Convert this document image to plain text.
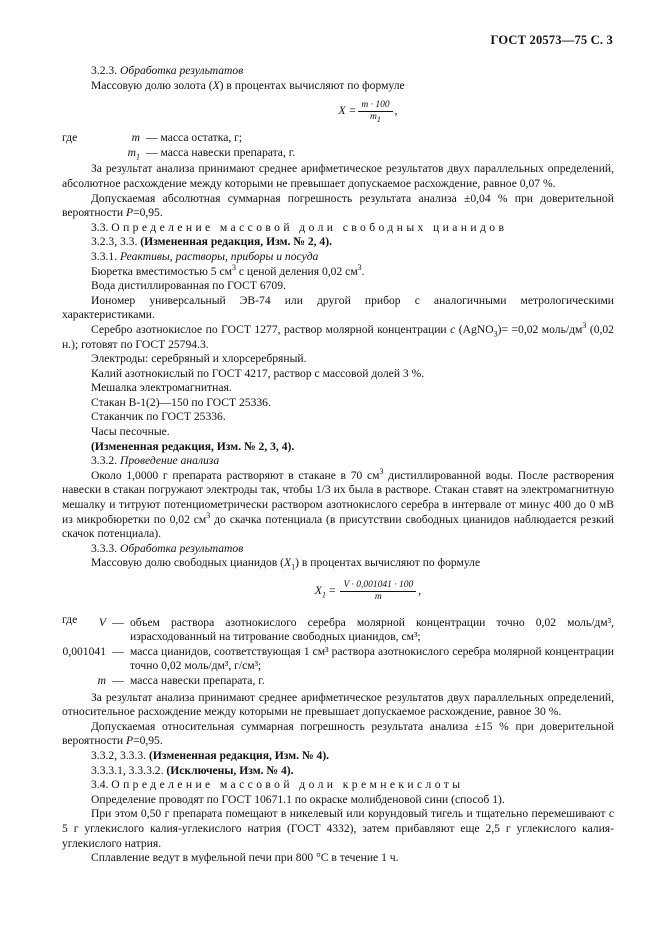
ГОСТ 20573—75 С. 3

3.2.3. Обработка результатов

Массовую долю золота (X) в процентах вычисляют по формуле

$X = \frac{m \cdot 100}{m_1}$ ,
где	m — масса остатка, г;
$m_1$ — масса навески препарата, г.

За результат анализа принимают среднее арифметическое результатов двух параллельных определений, абсолютное расхождение между которыми не превышает допускаемое расхождение, равное 0,07 %.

Допускаемая абсолютная суммарная погрешность результата анализа ±0,04 % при доверительной вероятности P=0,95.

3.3. Определение массовой доли свободных цианидов

3.2.3, 3.3. (Измененная редакция, Изм. № 2, 4).

3.3.1. Реактивы, растворы, приборы и посуда

Бюретка вместимостью 5 $см^3$ с ценой деления 0,02 $см^3$.

Вода дистиллированная по ГОСТ 6709.

Иономер универсальный ЭВ-74 или другой прибор с аналогичными метрологическими характеристиками.

Серебро азотнокислое по ГОСТ 1277, раствор молярной концентрации c (AgNO$_3$)= =0,02 моль/$дм^3$ (0,02 н.); готовят по ГОСТ 25794.3.

Электроды: серебряный и хлорсеребряный.

Калий азотнокислый по ГОСТ 4217, раствор с массовой долей 3 %.

Мешалка электромагнитная.

Стакан В-1(2)—150 по ГОСТ 25336.

Стаканчик по ГОСТ 25336.

Часы песочные.

(Измененная редакция, Изм. № 2, 3, 4).

3.3.2. Проведение анализа

Около 1,0000 г препарата растворяют в стакане в 70 $см^3$ дистиллированной воды. После растворения навески в стакан погружают электроды так, чтобы 1/3 их была в растворе. Стакан ставят на электромагнитную мешалку и титруют потенциометрически раствором азотнокислого серебра в интервале от минус 400 до 0 мВ из микробюретки по 0,02 $см^3$ до скачка потенциала (в присутствии свободных цианидов наблюдается резкий скачок потенциала).

3.3.3. Обработка результатов

Массовую долю свободных цианидов $(X_1)$ в процентах вычисляют по формуле

$X_1 = \frac{V \cdot 0,001041 \cdot 100}{m}$ ,
где	V — объем раствора азотнокислого серебра молярной концентрации точно 0,02 моль/дм³, израсходованный на титрование свободных цианидов, см³;
0,001041 — масса цианидов, соответствующая 1 см³ раствора азотнокислого серебра молярной концентрации точно 0,02 моль/дм³, г/см³;
m — масса навески препарата, г.

За результат анализа принимают среднее арифметическое результатов двух параллельных определений, относительное расхождение между которыми не превышает допускаемое расхождение, равное 30 %.

Допускаемая относительная суммарная погрешность результата анализа ±15 % при доверительной вероятности P=0,95.

3.3.2, 3.3.3. (Измененная редакция, Изм. № 4).

3.3.3.1, 3.3.3.2. (Исключены, Изм. № 4).

3.4. Определение массовой доли кремнекислоты

Определение проводят по ГОСТ 10671.1 по окраске молибденовой сини (способ 1).

При этом 0,50 г препарата помещают в никелевый или корундовый тигель и тщательно перемешивают с 5 г углекислого калия-углекислого натрия (ГОСТ 4332), затем прибавляют еще 2,5 г углекислого калия-углекислого натрия.

Сплавление ведут в муфельной печи при 800 °С в течение 1 ч.
